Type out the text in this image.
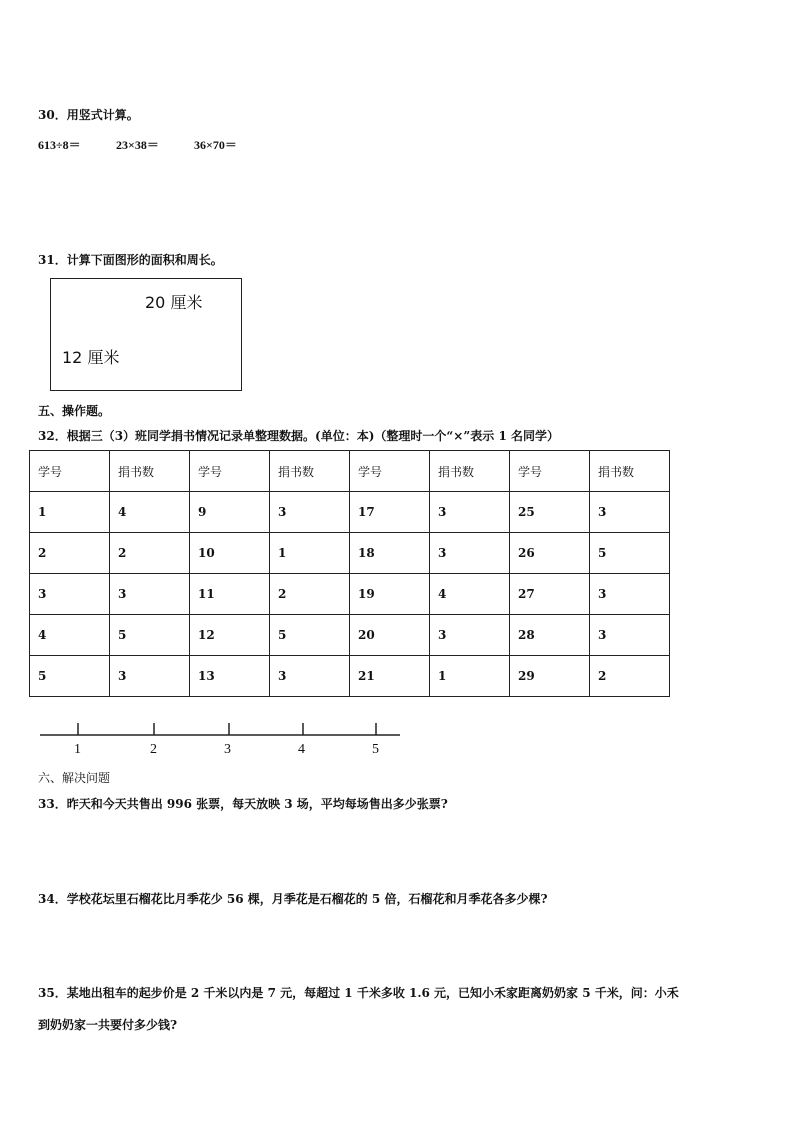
30．用竖式计算。
613÷8＝	23×38＝	36×70＝
31．计算下面图形的面积和周长。
20 厘米
12 厘米
五、操作题。
32．根据三（3）班同学捐书情况记录单整理数据。(单位：本)（整理时一个“×”表示 1 名同学）
学号	捐书数	学号	捐书数	学号	捐书数	学号	捐书数
1	4	9	3	17	3	25	3
2	2	10	1	18	3	26	5
3	3	11	2	19	4	27	3
4	5	12	5	20	3	28	3
5	3	13	3	21	1	29	2
1	2	3	4	5
六、解决问题
33．昨天和今天共售出 996 张票，每天放映 3 场，平均每场售出多少张票?
34．学校花坛里石榴花比月季花少 56 棵，月季花是石榴花的 5 倍，石榴花和月季花各多少棵?
35．某地出租车的起步价是 2 千米以内是 7 元，每超过 1 千米多收 1.6 元，已知小禾家距离奶奶家 5 千米，问：小禾
到奶奶家一共要付多少钱?
